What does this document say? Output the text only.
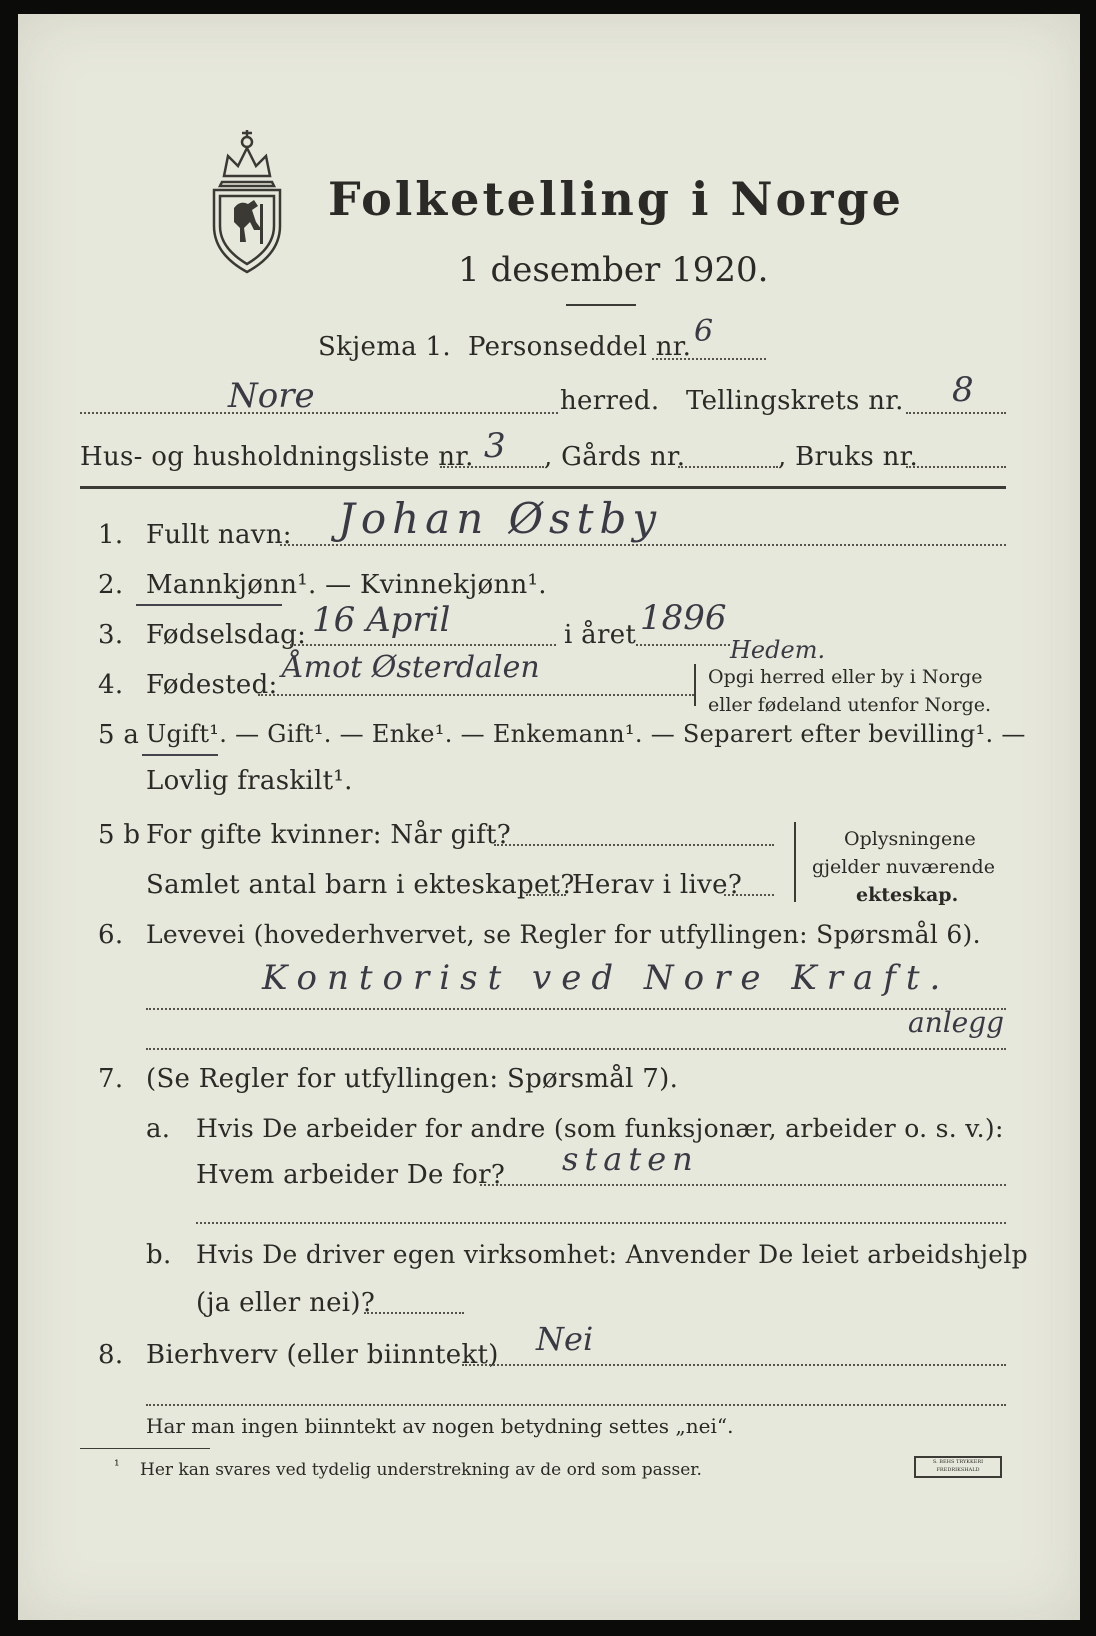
Folketelling i Norge
1 desember 1920.
Skjema 1. Personseddel nr. 6
Nore	herred. Tellingskrets nr. 8
Hus- og husholdningsliste nr. 3 , Gårds nr.	, Bruks nr.
1. Fullt navn: Johan Østby
2. Mannkjønn¹. — Kvinnekjønn¹.
3. Fødselsdag: 16 April	i året 1896
4. Fødested: Åmot Østerdalen	Hedem.
Opgi herred eller by i Norge
eller fødeland utenfor Norge.
5 a Ugift¹. — Gift¹. — Enke¹. — Enkemann¹. — Separert efter bevilling¹. —
Lovlig fraskilt¹.
5 b For gifte kvinner: Når gift?
Samlet antal barn i ekteskapet?
Herav i live?
Oplysningene
gjelder nuværende
ekteskap.
6. Levevei (hovederhvervet, se Regler for utfyllingen: Spørsmål 6).
Kontorist ved Nore Kraft.
anlegg
7. (Se Regler for utfyllingen: Spørsmål 7).
a. Hvis De arbeider for andre (som funksjonær, arbeider o. s. v.):
Hvem arbeider De for? staten
b. Hvis De driver egen virksomhet: Anvender De leiet arbeidshjelp
(ja eller nei)?
8. Bierhverv (eller biinntekt) Nei
Har man ingen biinntekt av nogen betydning settes „nei“.
¹ Her kan svares ved tydelig understrekning av de ord som passer.	S. BEHS TRYKKERI FREDRIKSHALD
